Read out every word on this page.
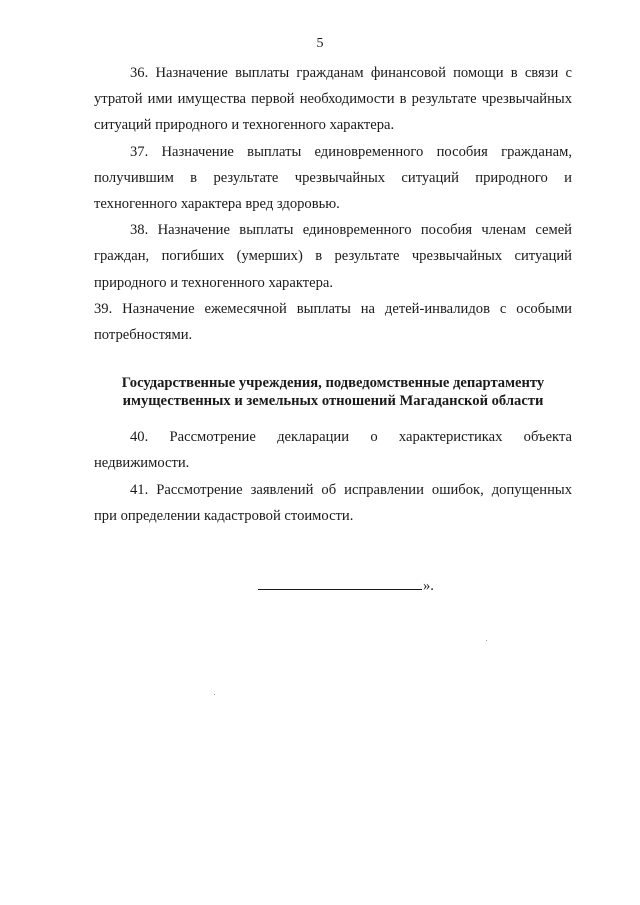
5

36. Назначение выплаты гражданам финансовой помощи в связи с утратой ими имущества первой необходимости в результате чрезвычайных ситуаций природного и техногенного характера.

37. Назначение выплаты единовременного пособия гражданам, получившим в результате чрезвычайных ситуаций природного и техногенного характера вред здоровью.

38. Назначение выплаты единовременного пособия членам семей граждан, погибших (умерших) в результате чрезвычайных ситуаций природного и техногенного характера.

39. Назначение ежемесячной выплаты на детей-инвалидов с особыми потребностями.

Государственные учреждения, подведомственные департаменту
имущественных и земельных отношений Магаданской области

40. Рассмотрение декларации о характеристиках объекта недвижимости.

41. Рассмотрение заявлений об исправлении ошибок, допущенных при определении кадастровой стоимости.

».
